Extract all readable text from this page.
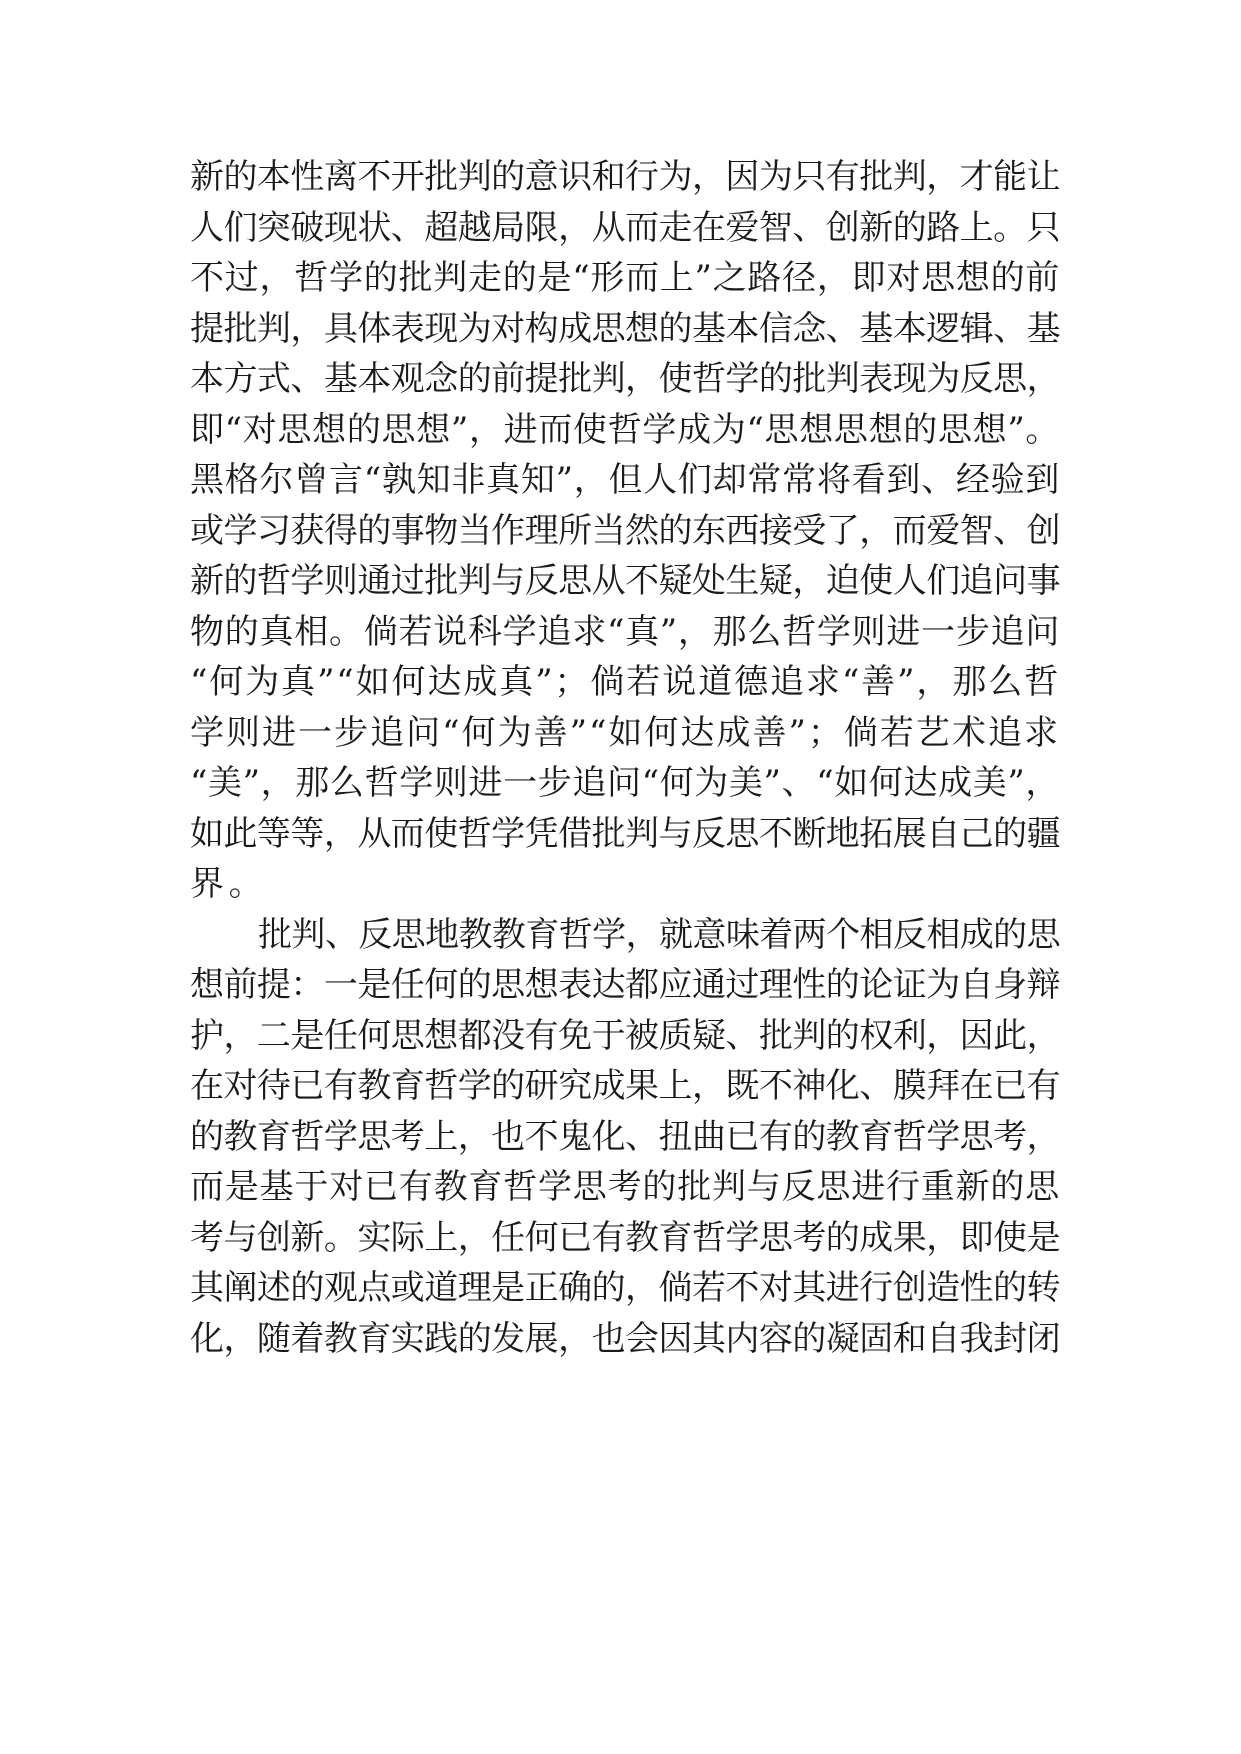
新的本性离不开批判的意识和行为，因为只有批判，才能让
人们突破现状、超越局限，从而走在爱智、创新的路上。只
不过，哲学的批判走的是“形而上”之路径，即对思想的前
提批判，具体表现为对构成思想的基本信念、基本逻辑、基
本方式、基本观念的前提批判，使哲学的批判表现为反思，
即“对思想的思想”，进而使哲学成为“思想思想的思想”。
黑格尔曾言“孰知非真知”，但人们却常常将看到、经验到
或学习获得的事物当作理所当然的东西接受了，而爱智、创
新的哲学则通过批判与反思从不疑处生疑，迫使人们追问事
物的真相。倘若说科学追求“真”，那么哲学则进一步追问
“何为真”“如何达成真”；倘若说道德追求“善”，那么哲
学则进一步追问“何为善”“如何达成善”；倘若艺术追求
“美”，那么哲学则进一步追问“何为美”、“如何达成美”，
如此等等，从而使哲学凭借批判与反思不断地拓展自己的疆
界。
批判、反思地教教育哲学，就意味着两个相反相成的思
想前提：一是任何的思想表达都应通过理性的论证为自身辩
护，二是任何思想都没有免于被质疑、批判的权利，因此，
在对待已有教育哲学的研究成果上，既不神化、膜拜在已有
的教育哲学思考上，也不鬼化、扭曲已有的教育哲学思考，
而是基于对已有教育哲学思考的批判与反思进行重新的思
考与创新。实际上，任何已有教育哲学思考的成果，即使是
其阐述的观点或道理是正确的，倘若不对其进行创造性的转
化，随着教育实践的发展，也会因其内容的凝固和自我封闭
